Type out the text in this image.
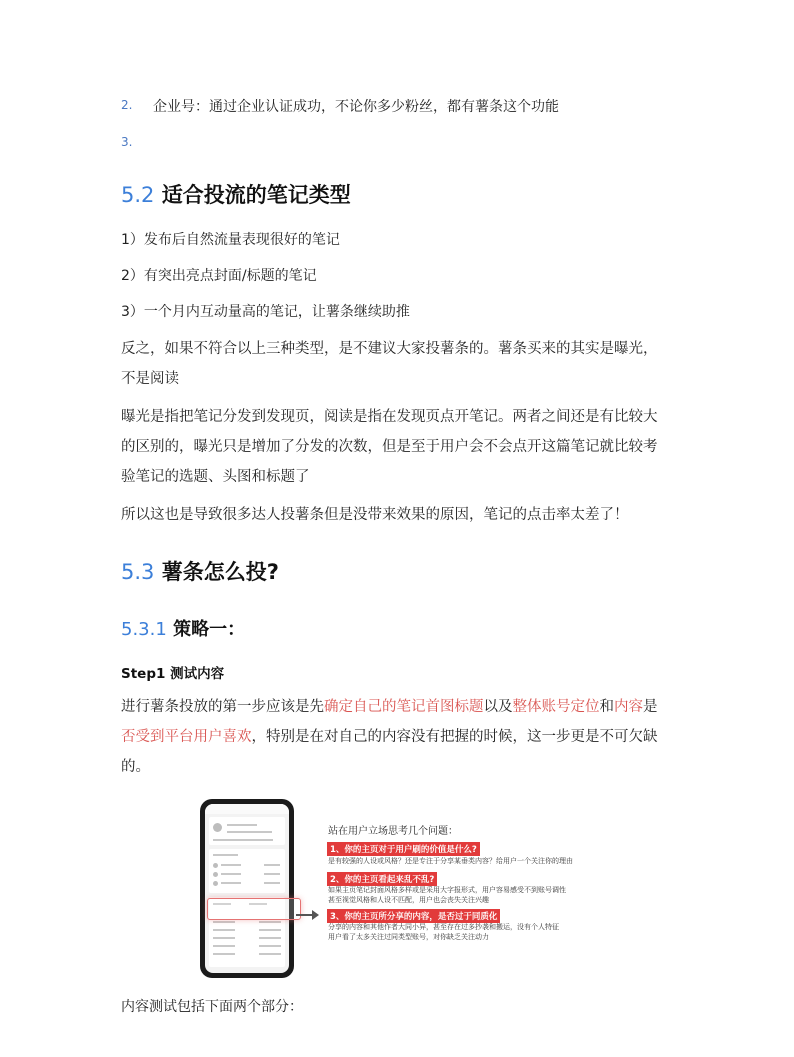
2. 企业号：通过企业认证成功，不论你多少粉丝，都有薯条这个功能
3.
5.2 适合投流的笔记类型
1）发布后自然流量表现很好的笔记
2）有突出亮点封面/标题的笔记
3）一个月内互动量高的笔记，让薯条继续助推
反之，如果不符合以上三种类型，是不建议大家投薯条的。薯条买来的其实是曝光，不是阅读
曝光是指把笔记分发到发现页，阅读是指在发现页点开笔记。两者之间还是有比较大的区别的，曝光只是增加了分发的次数，但是至于用户会不会点开这篇笔记就比较考验笔记的选题、头图和标题了
所以这也是导致很多达人投薯条但是没带来效果的原因，笔记的点击率太差了！
5.3 薯条怎么投?
5.3.1 策略一：
Step1 测试内容
进行薯条投放的第一步应该是先确定自己的笔记首图标题以及整体账号定位和内容是否受到平台用户喜欢，特别是在对自己的内容没有把握的时候，这一步更是不可欠缺的。
站在用户立场思考几个问题：
1、你的主页对于用户刷的价值是什么?
是有较强的人设或风格？还是专注于分享某垂类内容？给用户一个关注你的理由
2、你的主页看起来乱不乱?
如果主页笔记封面风格多样或是采用大字报形式，用户容易感受不到账号调性
甚至视觉风格和人设不匹配，用户也会丧失关注兴趣
3、你的主页所分享的内容，是否过于同质化
分享的内容和其他作者大同小异，甚至存在过多抄袭和搬运，没有个人特征
用户看了太多关注过同类型账号，对你缺乏关注动力
内容测试包括下面两个部分：
